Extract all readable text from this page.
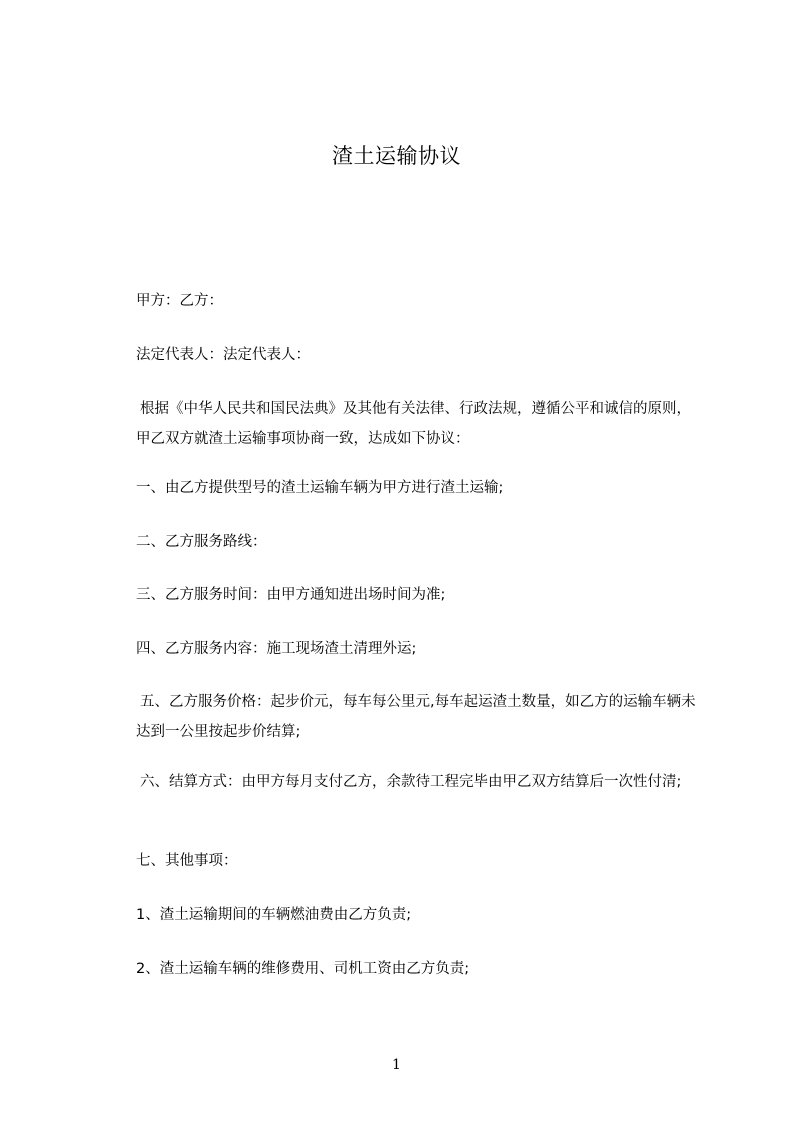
渣土运输协议

甲方：乙方：

法定代表人：法定代表人：

根据《中华人民共和国民法典》及其他有关法律、行政法规，遵循公平和诚信的原则，甲乙双方就渣土运输事项协商一致，达成如下协议：

一、由乙方提供型号的渣土运输车辆为甲方进行渣土运输;

二、乙方服务路线：

三、乙方服务时间：由甲方通知进出场时间为准;

四、乙方服务内容：施工现场渣土清理外运;

五、乙方服务价格：起步价元，每车每公里元,每车起运渣土数量，如乙方的运输车辆未达到一公里按起步价结算;

六、结算方式：由甲方每月支付乙方，余款待工程完毕由甲乙双方结算后一次性付清;

七、其他事项：

1、渣土运输期间的车辆燃油费由乙方负责;

2、渣土运输车辆的维修费用、司机工资由乙方负责;

1
